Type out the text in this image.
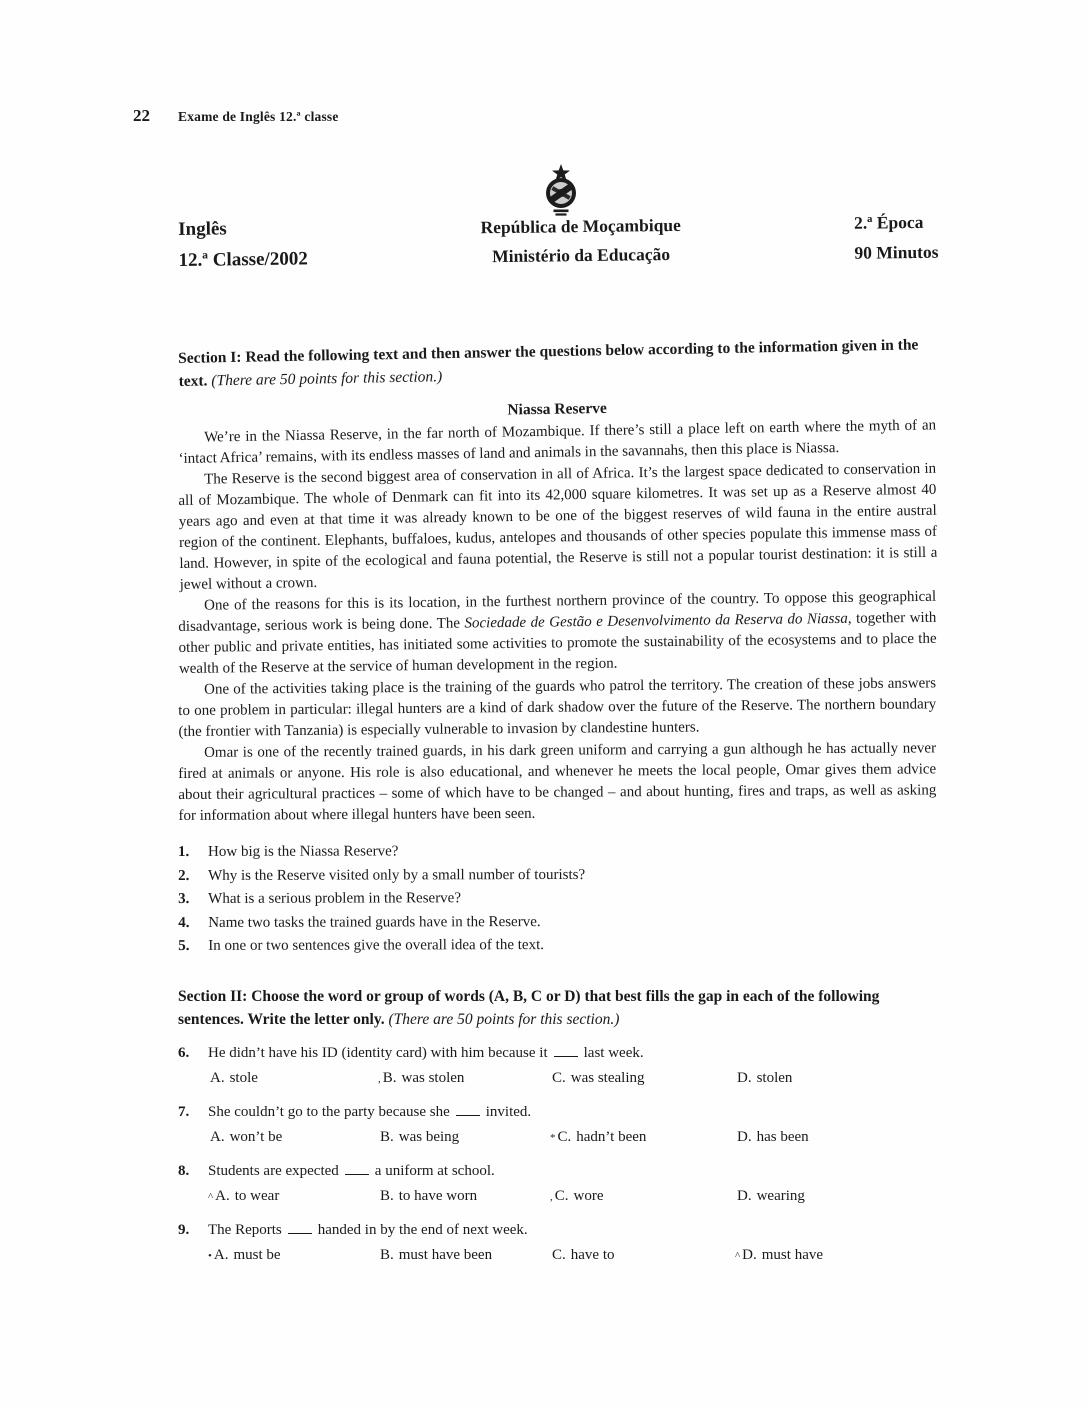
22 Exame de Inglês 12.ª classe
Inglês
12.ª Classe/2002
República de Moçambique
Ministério da Educação
2.ª Época
90 Minutos

Section I: Read the following text and then answer the questions below according to the information given in the text. (There are 50 points for this section.)

Niassa Reserve

We’re in the Niassa Reserve, in the far north of Mozambique. If there’s still a place left on earth where the myth of an ‘intact Africa’ remains, with its endless masses of land and animals in the savannahs, then this place is Niassa.

The Reserve is the second biggest area of conservation in all of Africa. It’s the largest space dedicated to conservation in all of Mozambique. The whole of Denmark can fit into its 42,000 square kilometres. It was set up as a Reserve almost 40 years ago and even at that time it was already known to be one of the biggest reserves of wild fauna in the entire austral region of the continent. Elephants, buffaloes, kudus, antelopes and thousands of other species populate this immense mass of land. However, in spite of the ecological and fauna potential, the Reserve is still not a popular tourist destination: it is still a jewel without a crown.

One of the reasons for this is its location, in the furthest northern province of the country. To oppose this geographical disadvantage, serious work is being done. The Sociedade de Gestão e Desenvolvimento da Reserva do Niassa, together with other public and private entities, has initiated some activities to promote the sustainability of the ecosystems and to place the wealth of the Reserve at the service of human development in the region.

One of the activities taking place is the training of the guards who patrol the territory. The creation of these jobs answers to one problem in particular: illegal hunters are a kind of dark shadow over the future of the Reserve. The northern boundary (the frontier with Tanzania) is especially vulnerable to invasion by clandestine hunters.

Omar is one of the recently trained guards, in his dark green uniform and carrying a gun although he has actually never fired at animals or anyone. His role is also educational, and whenever he meets the local people, Omar gives them advice about their agricultural practices – some of which have to be changed – and about hunting, fires and traps, as well as asking for information about where illegal hunters have been seen.

1.	How big is the Niassa Reserve?
2.	Why is the Reserve visited only by a small number of tourists?
3.	What is a serious problem in the Reserve?
4.	Name two tasks the trained guards have in the Reserve.
5.	In one or two sentences give the overall idea of the text.

Section II: Choose the word or group of words (A, B, C or D) that best fills the gap in each of the following sentences. Write the letter only. (There are 50 points for this section.)

6.	He didn’t have his ID (identity card) with him because it last week.
A. stole	, B. was stolen	C. was stealing	D. stolen
7.	She couldn’t go to the party because she invited.
A. won’t be	B. was being	* C. hadn’t been	D. has been
8.	Students are expected a uniform at school.
^ A. to wear	B. to have worn	, C. wore	D. wearing
9.	The Reports handed in by the end of next week.
• A. must be	B. must have been	C. have to	^ D. must have
